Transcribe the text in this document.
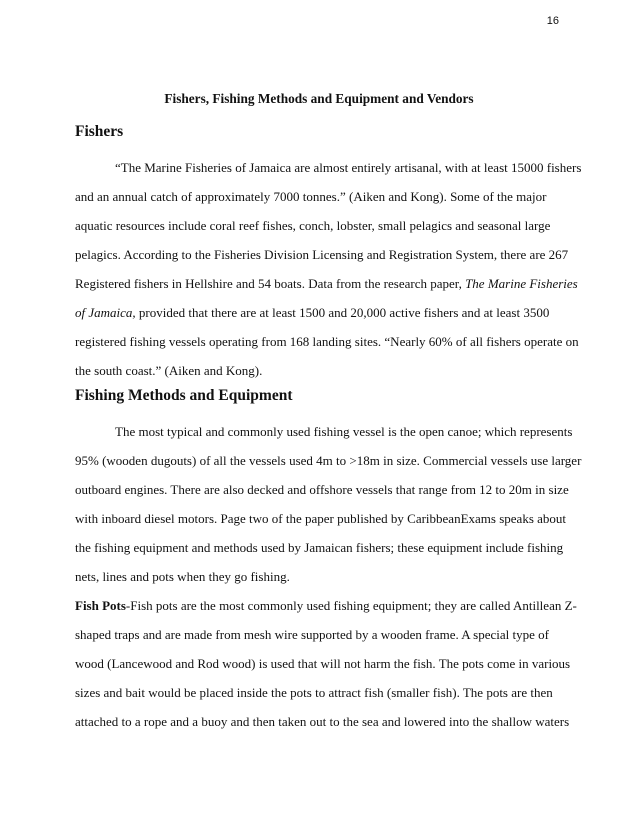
16
Fishers, Fishing Methods and Equipment and Vendors
Fishers

“The Marine Fisheries of Jamaica are almost entirely artisanal, with at least 15000 fishers

and an annual catch of approximately 7000 tonnes.” (Aiken and Kong). Some of the major

aquatic resources include coral reef fishes, conch, lobster, small pelagics and seasonal large

pelagics. According to the Fisheries Division Licensing and Registration System, there are 267

Registered fishers in Hellshire and 54 boats. Data from the research paper, The Marine Fisheries

of Jamaica, provided that there are at least 1500 and 20,000 active fishers and at least 3500

registered fishing vessels operating from 168 landing sites. “Nearly 60% of all fishers operate on

the south coast.” (Aiken and Kong).

Fishing Methods and Equipment

The most typical and commonly used fishing vessel is the open canoe; which represents

95% (wooden dugouts) of all the vessels used 4m to >18m in size. Commercial vessels use larger

outboard engines. There are also decked and offshore vessels that range from 12 to 20m in size

with inboard diesel motors. Page two of the paper published by CaribbeanExams speaks about

the fishing equipment and methods used by Jamaican fishers; these equipment include fishing

nets, lines and pots when they go fishing.

Fish Pots-Fish pots are the most commonly used fishing equipment; they are called Antillean Z-

shaped traps and are made from mesh wire supported by a wooden frame. A special type of

wood (Lancewood and Rod wood) is used that will not harm the fish. The pots come in various

sizes and bait would be placed inside the pots to attract fish (smaller fish). The pots are then

attached to a rope and a buoy and then taken out to the sea and lowered into the shallow waters
